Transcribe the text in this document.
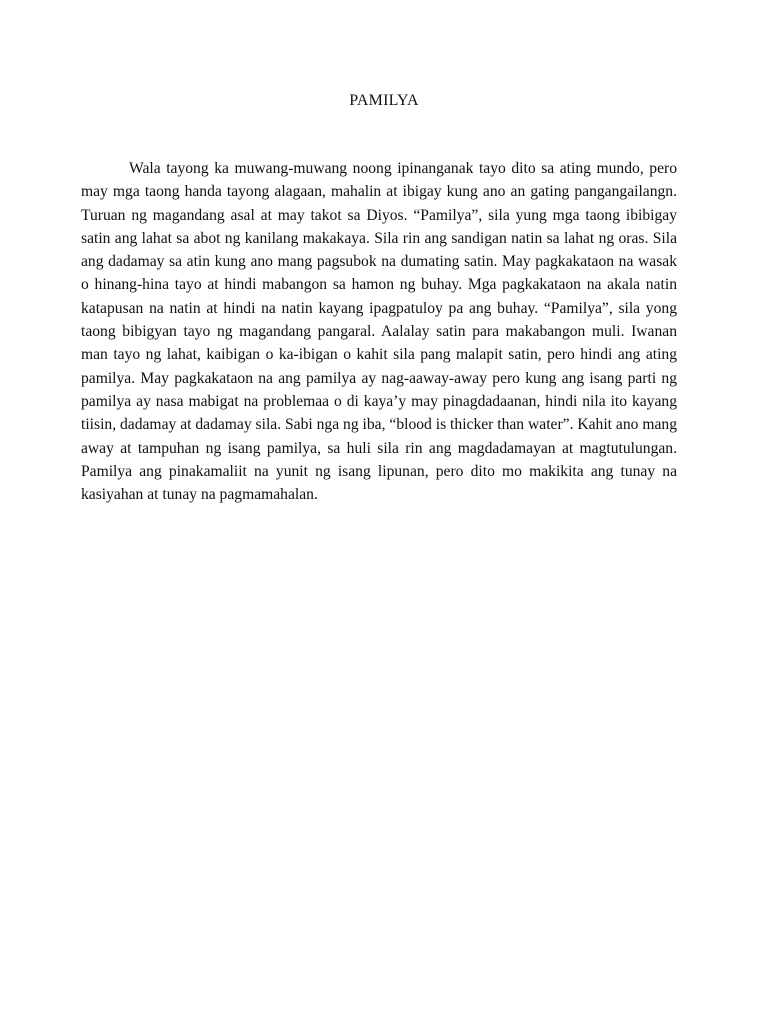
PAMILYA

Wala tayong ka muwang-muwang noong ipinanganak tayo dito sa ating mundo, pero may mga taong handa tayong alagaan, mahalin at ibigay kung ano an gating pangangailangn. Turuan ng magandang asal at may takot sa Diyos. “Pamilya”, sila yung mga taong ibibigay satin ang lahat sa abot ng kanilang makakaya. Sila rin ang sandigan natin sa lahat ng oras. Sila ang dadamay sa atin kung ano mang pagsubok na dumating satin. May pagkakataon na wasak o hinang-hina tayo at hindi mabangon sa hamon ng buhay. Mga pagkakataon na akala natin katapusan na natin at hindi na natin kayang ipagpatuloy pa ang buhay. “Pamilya”, sila yong taong bibigyan tayo ng magandang pangaral. Aalalay satin para makabangon muli. Iwanan man tayo ng lahat, kaibigan o ka-ibigan o kahit sila pang malapit satin, pero hindi ang ating pamilya. May pagkakataon na ang pamilya ay nag-aaway-away pero kung ang isang parti ng pamilya ay nasa mabigat na problemaa o di kaya’y may pinagdadaanan, hindi nila ito kayang tiisin, dadamay at dadamay sila. Sabi nga ng iba, “blood is thicker than water”. Kahit ano mang away at tampuhan ng isang pamilya, sa huli sila rin ang magdadamayan at magtutulungan. Pamilya ang pinakamaliit na yunit ng isang lipunan, pero dito mo makikita ang tunay na kasiyahan at tunay na pagmamahalan.
